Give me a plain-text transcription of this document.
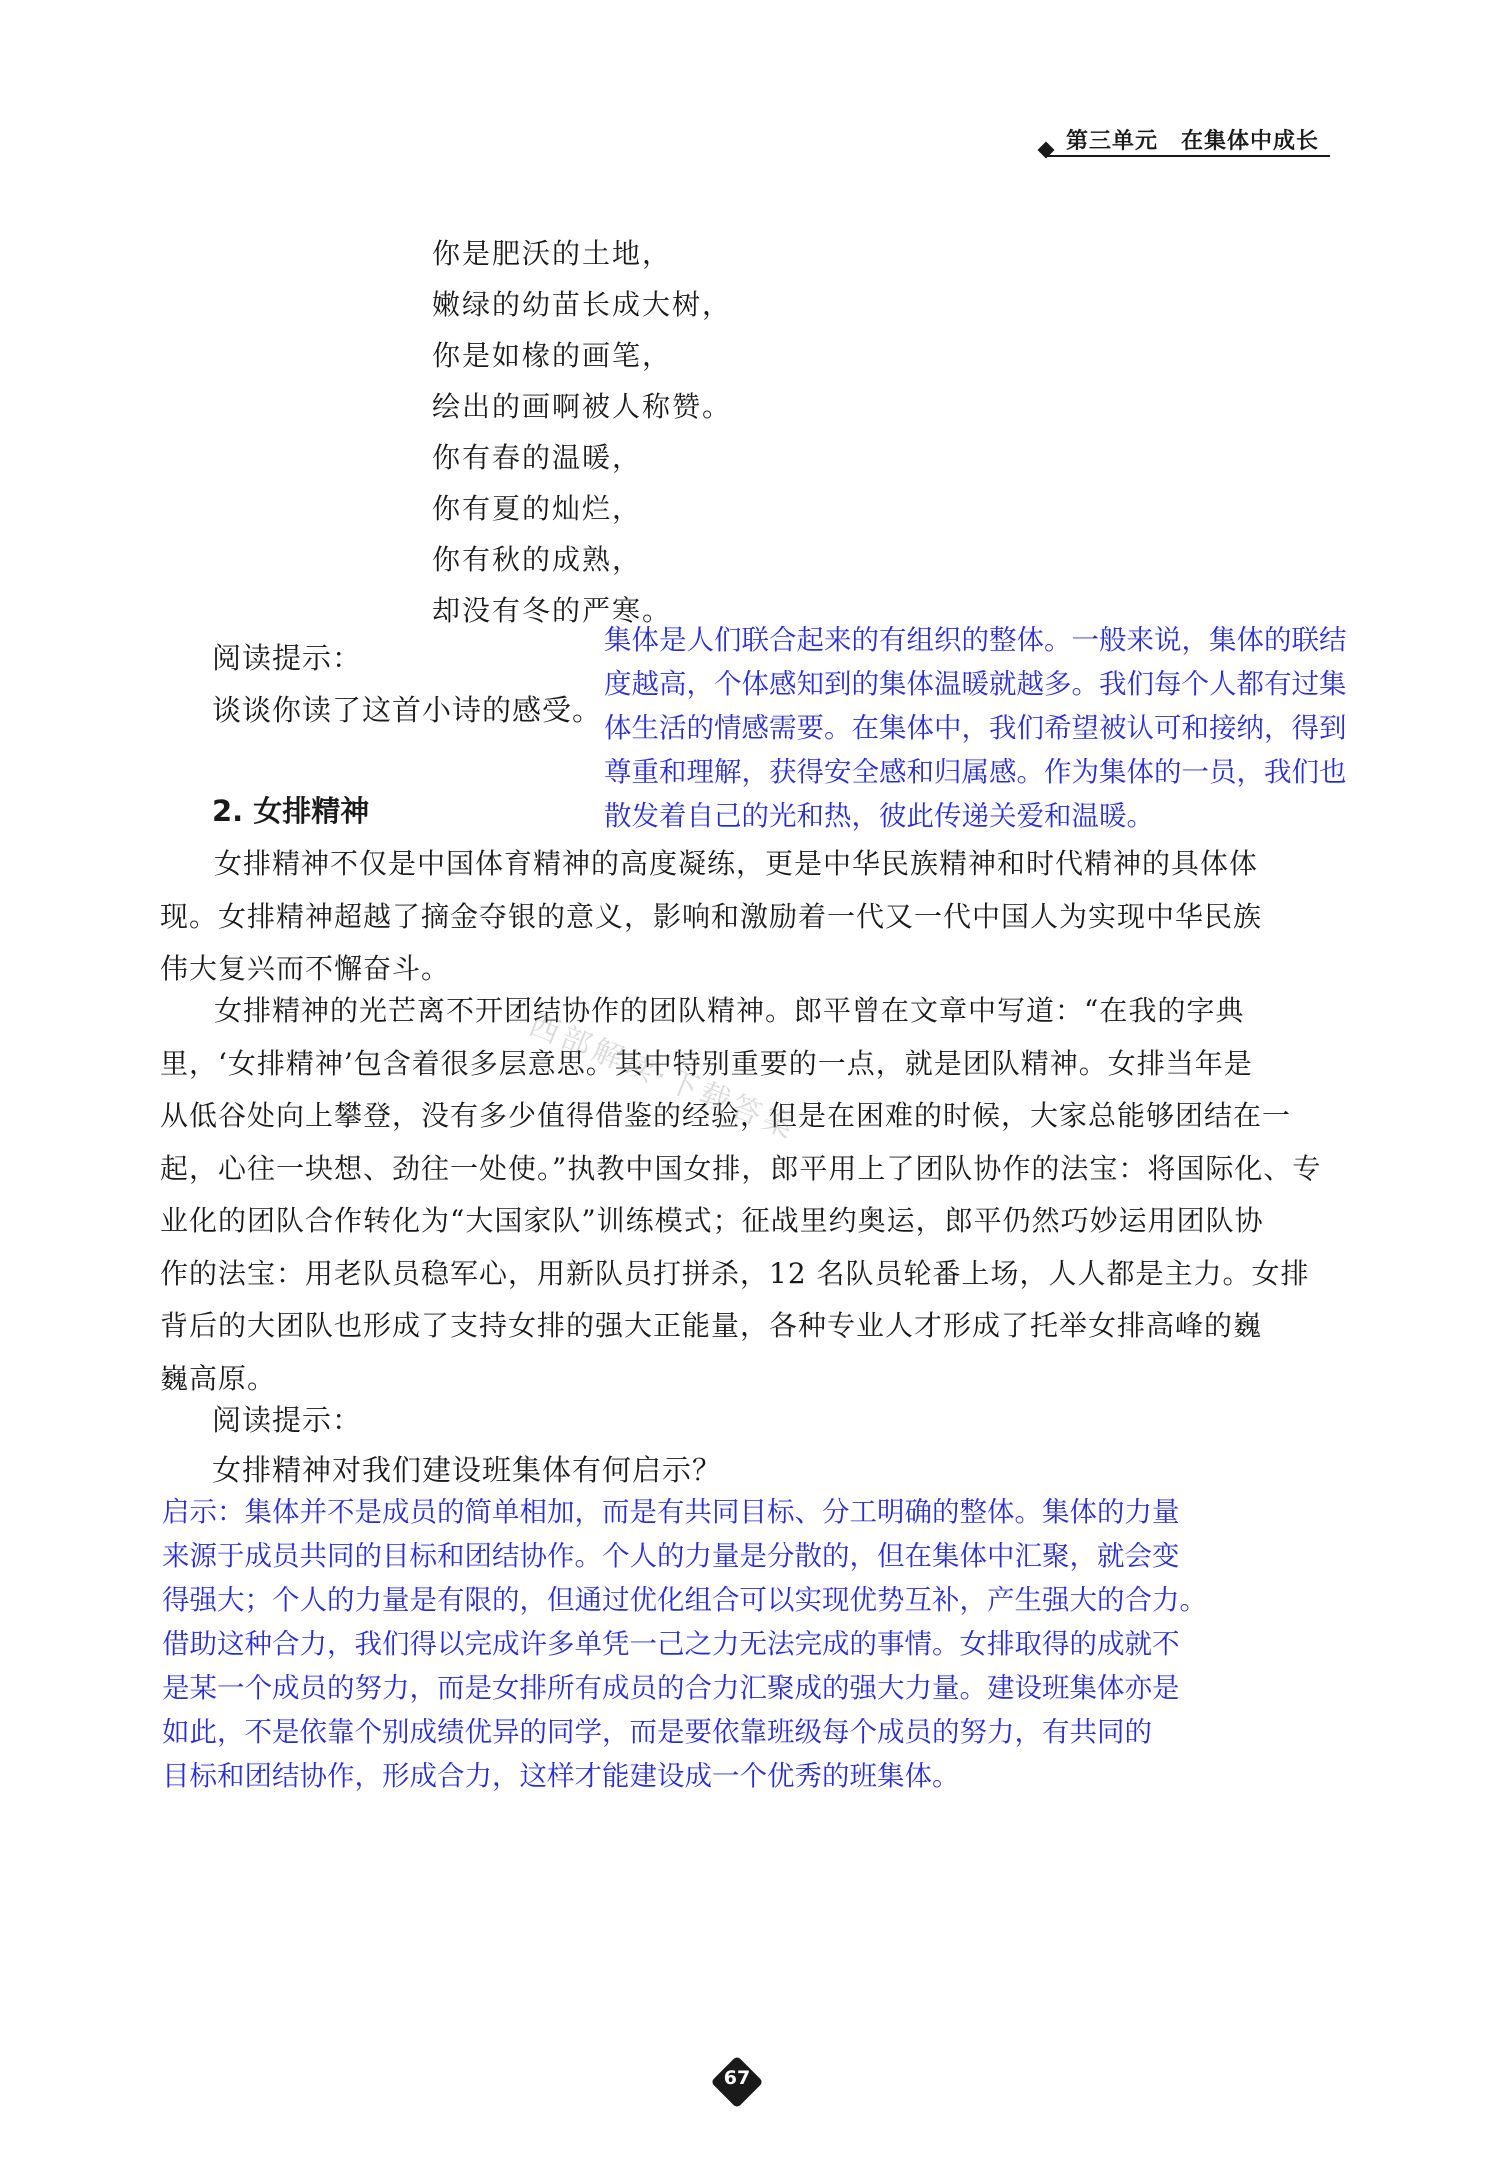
第三单元　在集体中成长
你是肥沃的土地，
嫩绿的幼苗长成大树，
你是如椽的画笔，
绘出的画啊被人称赞。
你有春的温暖，
你有夏的灿烂，
你有秋的成熟，
却没有冬的严寒。
阅读提示：
谈谈你读了这首小诗的感受。
集体是人们联合起来的有组织的整体。一般来说，集体的联结
度越高，个体感知到的集体温暖就越多。我们每个人都有过集
体生活的情感需要。在集体中，我们希望被认可和接纳，得到
尊重和理解，获得安全感和归属感。作为集体的一员，我们也
散发着自己的光和热，彼此传递关爱和温暖。
2. 女排精神
女排精神不仅是中国体育精神的高度凝练，更是中华民族精神和时代精神的具体体
现。女排精神超越了摘金夺银的意义，影响和激励着一代又一代中国人为实现中华民族
伟大复兴而不懈奋斗。
女排精神的光芒离不开团结协作的团队精神。郎平曾在文章中写道：“在我的字典
里，‘女排精神’包含着很多层意思。其中特别重要的一点，就是团队精神。女排当年是
从低谷处向上攀登，没有多少值得借鉴的经验，但是在困难的时候，大家总能够团结在一
起，心往一块想、劲往一处使。”执教中国女排，郎平用上了团队协作的法宝：将国际化、专
业化的团队合作转化为“大国家队”训练模式；征战里约奥运，郎平仍然巧妙运用团队协
作的法宝：用老队员稳军心，用新队员打拼杀，12 名队员轮番上场，人人都是主力。女排
背后的大团队也形成了支持女排的强大正能量，各种专业人才形成了托举女排高峰的巍
巍高原。
西部解读·下载答案
阅读提示：
女排精神对我们建设班集体有何启示？
启示：集体并不是成员的简单相加，而是有共同目标、分工明确的整体。集体的力量
来源于成员共同的目标和团结协作。个人的力量是分散的，但在集体中汇聚，就会变
得强大；个人的力量是有限的，但通过优化组合可以实现优势互补，产生强大的合力。
借助这种合力，我们得以完成许多单凭一己之力无法完成的事情。女排取得的成就不
是某一个成员的努力，而是女排所有成员的合力汇聚成的强大力量。建设班集体亦是
如此，不是依靠个别成绩优异的同学，而是要依靠班级每个成员的努力，有共同的
目标和团结协作，形成合力，这样才能建设成一个优秀的班集体。
67
